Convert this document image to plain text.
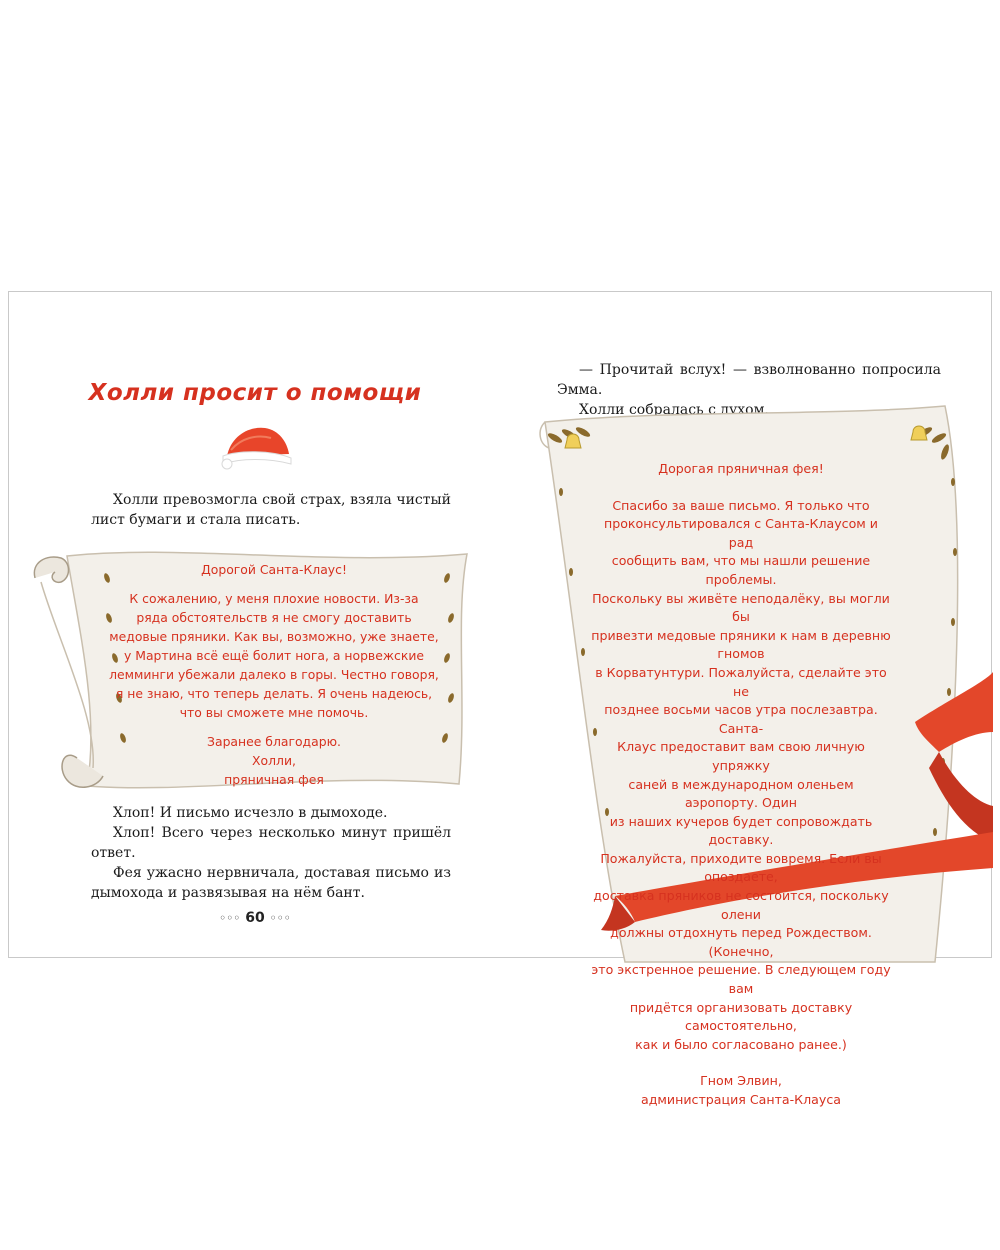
Холли просит о помощи

Холли превозмогла свой страх, взяла чистый лист бумаги и стала писать.

Дорогой Санта-Клаус!

К сожалению, у меня плохие новости. Из-за

ряда обстоятельств я не смогу доставить

медовые пряники. Как вы, возможно, уже знаете,

у Мартина всё ещё болит нога, а норвежские

лемминги убежали далеко в горы. Честно говоря,

я не знаю, что теперь делать. Я очень надеюсь,

что вы сможете мне помочь.

Заранее благодарю.

Холли,

пряничная фея

Хлоп! И письмо исчезло в дымоходе.

Хлоп! Всего через несколько минут пришёл ответ.

Фея ужасно нервничала, доставая письмо из дымохода и развязывая на нём бант.

◦◦◦ 60 ◦◦◦

— Прочитай вслух! — взволнованно попросила Эмма.

Холли собралась с духом.

Дорогая пряничная фея!

Спасибо за ваше письмо. Я только что

проконсультировался с Санта-Клаусом и рад

сообщить вам, что мы нашли решение проблемы.

Поскольку вы живёте неподалёку, вы могли бы

привезти медовые пряники к нам в деревню гномов

в Корватунтури. Пожалуйста, сделайте это не

позднее восьми часов утра послезавтра. Санта-

Клаус предоставит вам свою личную упряжку

саней в международном оленьем аэропорту. Один

из наших кучеров будет сопровождать доставку.

Пожалуйста, приходите вовремя. Если вы опоздаете,

доставка пряников не состоится, поскольку олени

должны отдохнуть перед Рождеством. (Конечно,

это экстренное решение. В следующем году вам

придётся организовать доставку самостоятельно,

как и было согласовано ранее.)

Гном Элвин,

администрация Санта-Клауса
